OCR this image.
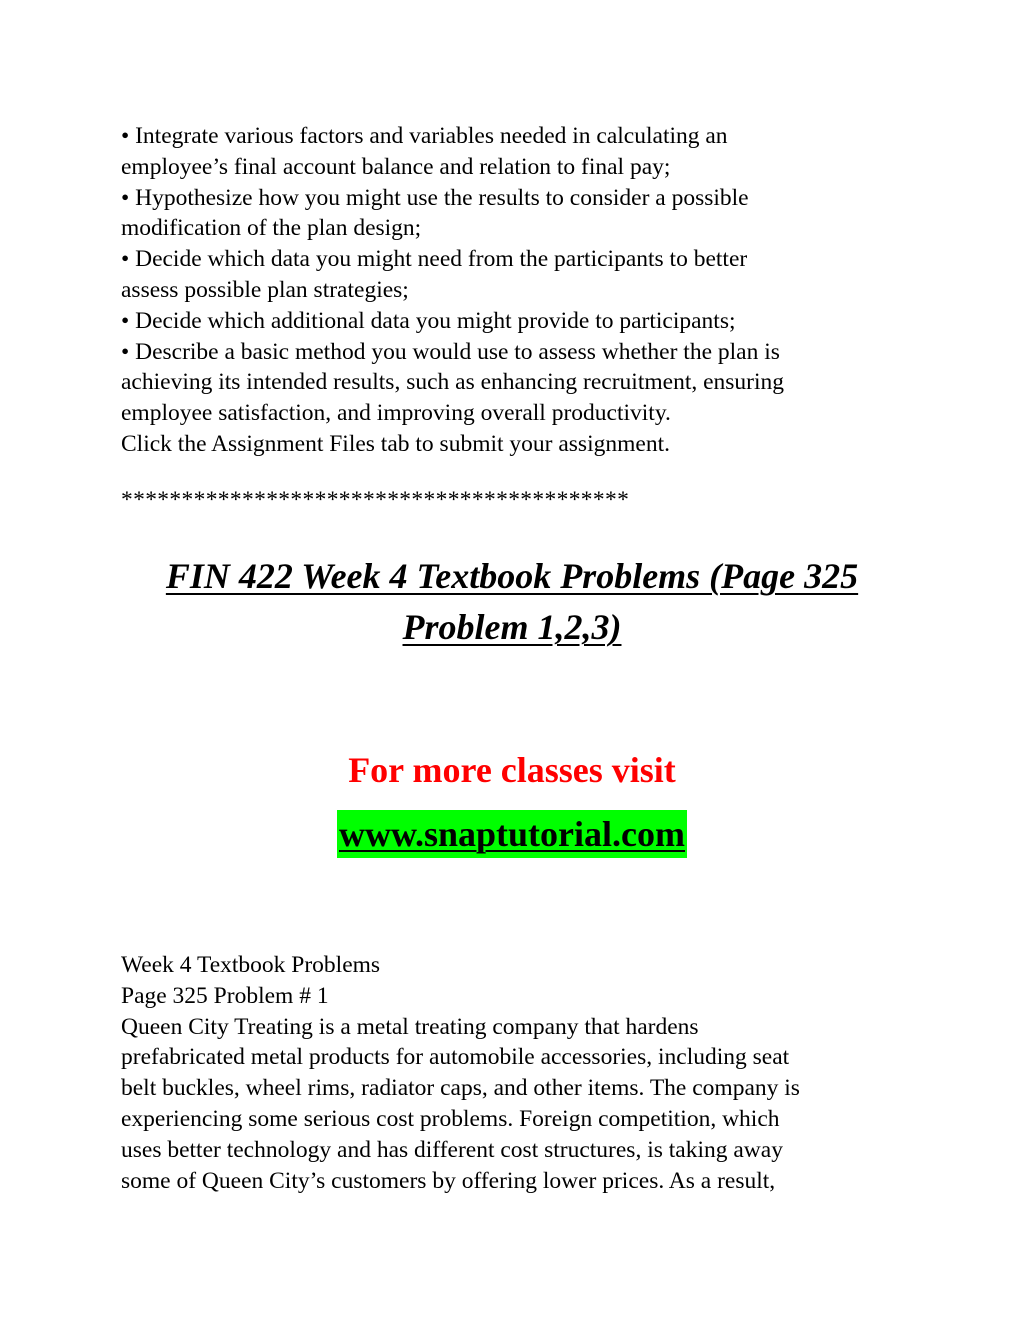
• Integrate various factors and variables needed in calculating an
employee’s final account balance and relation to final pay;
• Hypothesize how you might use the results to consider a possible
modification of the plan design;
• Decide which data you might need from the participants to better
assess possible plan strategies;
• Decide which additional data you might provide to participants;
• Describe a basic method you would use to assess whether the plan is
achieving its intended results, such as enhancing recruitment, ensuring
employee satisfaction, and improving overall productivity.
Click the Assignment Files tab to submit your assignment.
******************************************
FIN 422 Week 4 Textbook Problems (Page 325
Problem 1,2,3)
For more classes visit
www.snaptutorial.com
Week 4 Textbook Problems
Page 325 Problem # 1
Queen City Treating is a metal treating company that hardens
prefabricated metal products for automobile accessories, including seat
belt buckles, wheel rims, radiator caps, and other items. The company is
experiencing some serious cost problems. Foreign competition, which
uses better technology and has different cost structures, is taking away
some of Queen City’s customers by offering lower prices. As a result,
